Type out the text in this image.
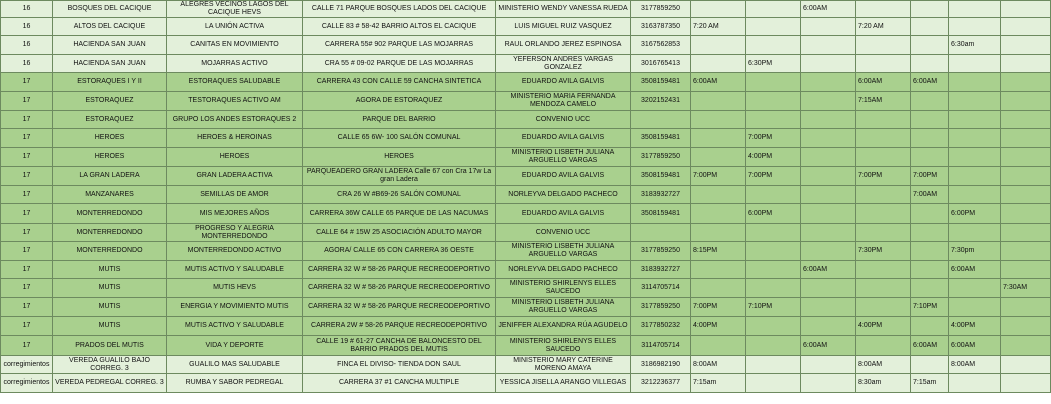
16	BOSQUES DEL CACIQUE	ALEGRES VECINOS LAGOS DEL CACIQUE HEVS	CALLE 71 PARQUE BOSQUES LADOS DEL CACIQUE	MINISTERIO WENDY VANESSA RUEDA	3177859250			6:00AM				
16	ALTOS DEL CACIQUE	LA UNIÓN ACTIVA	CALLE 83 # 58-42 BARRIO ALTOS EL CACIQUE	LUIS MIGUEL RUIZ VASQUEZ	3163787350	7:20 AM			7:20 AM			
16	HACIENDA SAN JUAN	CANITAS EN MOVIMIENTO	CARRERA 55# 902 PARQUE LAS MOJARRAS	RAUL ORLANDO JEREZ ESPINOSA	3167562853						6:30am	
16	HACIENDA SAN JUAN	MOJARRAS ACTIVO	CRA 55 # 09-02 PARQUE DE LAS MOJARRAS	YEFERSON ANDRES VARGAS GONZALEZ	3016765413		6:30PM					
17	ESTORAQUES I Y II	ESTORAQUES SALUDABLE	CARRERA 43 CON CALLE 59 CANCHA SINTETICA	EDUARDO AVILA GALVIS	3508159481	6:00AM			6:00AM	6:00AM		
17	ESTORAQUEZ	TESTORAQUES ACTIVO AM	AGORA DE ESTORAQUEZ	MINISTERIO MARIA FERNANDA MENDOZA CAMELO	3202152431				7:15AM			
17	ESTORAQUEZ	GRUPO LOS ANDES ESTORAQUES 2	PARQUE DEL BARRIO	CONVENIO UCC								
17	HEROES	HEROES & HEROINAS	CALLE 65 6W- 100 SALÓN COMUNAL	EDUARDO AVILA GALVIS	3508159481		7:00PM					
17	HEROES	HEROES	HEROES	MINISTERIO LISBETH JULIANA ARGUELLO VARGAS	3177859250		4:00PM					
17	LA GRAN LADERA	GRAN LADERA ACTIVA	PARQUEADERO GRAN LADERA Calle 67 con Cra 17w La gran Ladera	EDUARDO AVILA GALVIS	3508159481	7:00PM	7:00PM		7:00PM	7:00PM		
17	MANZANARES	SEMILLAS DE AMOR	CRA 26 W #B69-26 SALÓN COMUNAL	NORLEYVA DELGADO PACHECO	3183932727					7:00AM		
17	MONTERREDONDO	MIS MEJORES AÑOS	CARRERA 36W CALLE 65 PARQUE DE LAS NACUMAS	EDUARDO AVILA GALVIS	3508159481		6:00PM				6:00PM	
17	MONTERREDONDO	PROGRESO Y ALEGRIA MONTERREDONDO	CALLE 64 # 15W 25 ASOCIACIÓN ADULTO MAYOR	CONVENIO UCC								
17	MONTERREDONDO	MONTERREDONDO ACTIVO	AGORA/ CALLE 65 CON CARRERA 36 OESTE	MINISTERIO LISBETH JULIANA ARGUELLO VARGAS	3177859250	8:15PM			7:30PM		7:30pm	
17	MUTIS	MUTIS ACTIVO Y SALUDABLE	CARRERA 32 W # 58-26 PARQUE RECREODEPORTIVO	NORLEYVA DELGADO PACHECO	3183932727			6:00AM			6:00AM	
17	MUTIS	MUTIS HEVS	CARRERA 32 W # 58-26 PARQUE RECREODEPORTIVO	MINISTERIO SHIRLENYS ELLES SAUCEDO	3114705714							7:30AM
17	MUTIS	ENERGIA Y MOVIMIENTO MUTIS	CARRERA 32 W # 58-26 PARQUE RECREODEPORTIVO	MINISTERIO LISBETH JULIANA ARGUELLO VARGAS	3177859250	7:00PM	7:10PM			7:10PM		
17	MUTIS	MUTIS ACTIVO Y SALUDABLE	CARRERA 2W # 58-26 PARQUE RECREODEPORTIVO	JENIFFER ALEXANDRA RÚA AGUDELO	3177850232	4:00PM			4:00PM		4:00PM	
17	PRADOS DEL MUTIS	VIDA Y DEPORTE	CALLE 19 # 61-27 CANCHA DE BALONCESTO DEL BARRIO PRADOS DEL MUTIS	MINISTERIO SHIRLENYS ELLES SAUCEDO	3114705714			6:00AM		6:00AM	6:00AM	
corregimientos	VEREDA GUALILO BAJO CORREG. 3	GUALILO MAS SALUDABLE	FINCA EL DIVISO- TIENDA DON SAUL	MINISTERIO MARY CATERINE MORENO AMAYA	3186982190	8:00AM			8:00AM		8:00AM	
corregimientos	VEREDA PEDREGAL CORREG. 3	RUMBA Y SABOR PEDREGAL	CARRERA 37 #1 CANCHA MULTIPLE	YESSICA JISELLA ARANGO VILLEGAS	3212236377	7:15am			8:30am	7:15am		
